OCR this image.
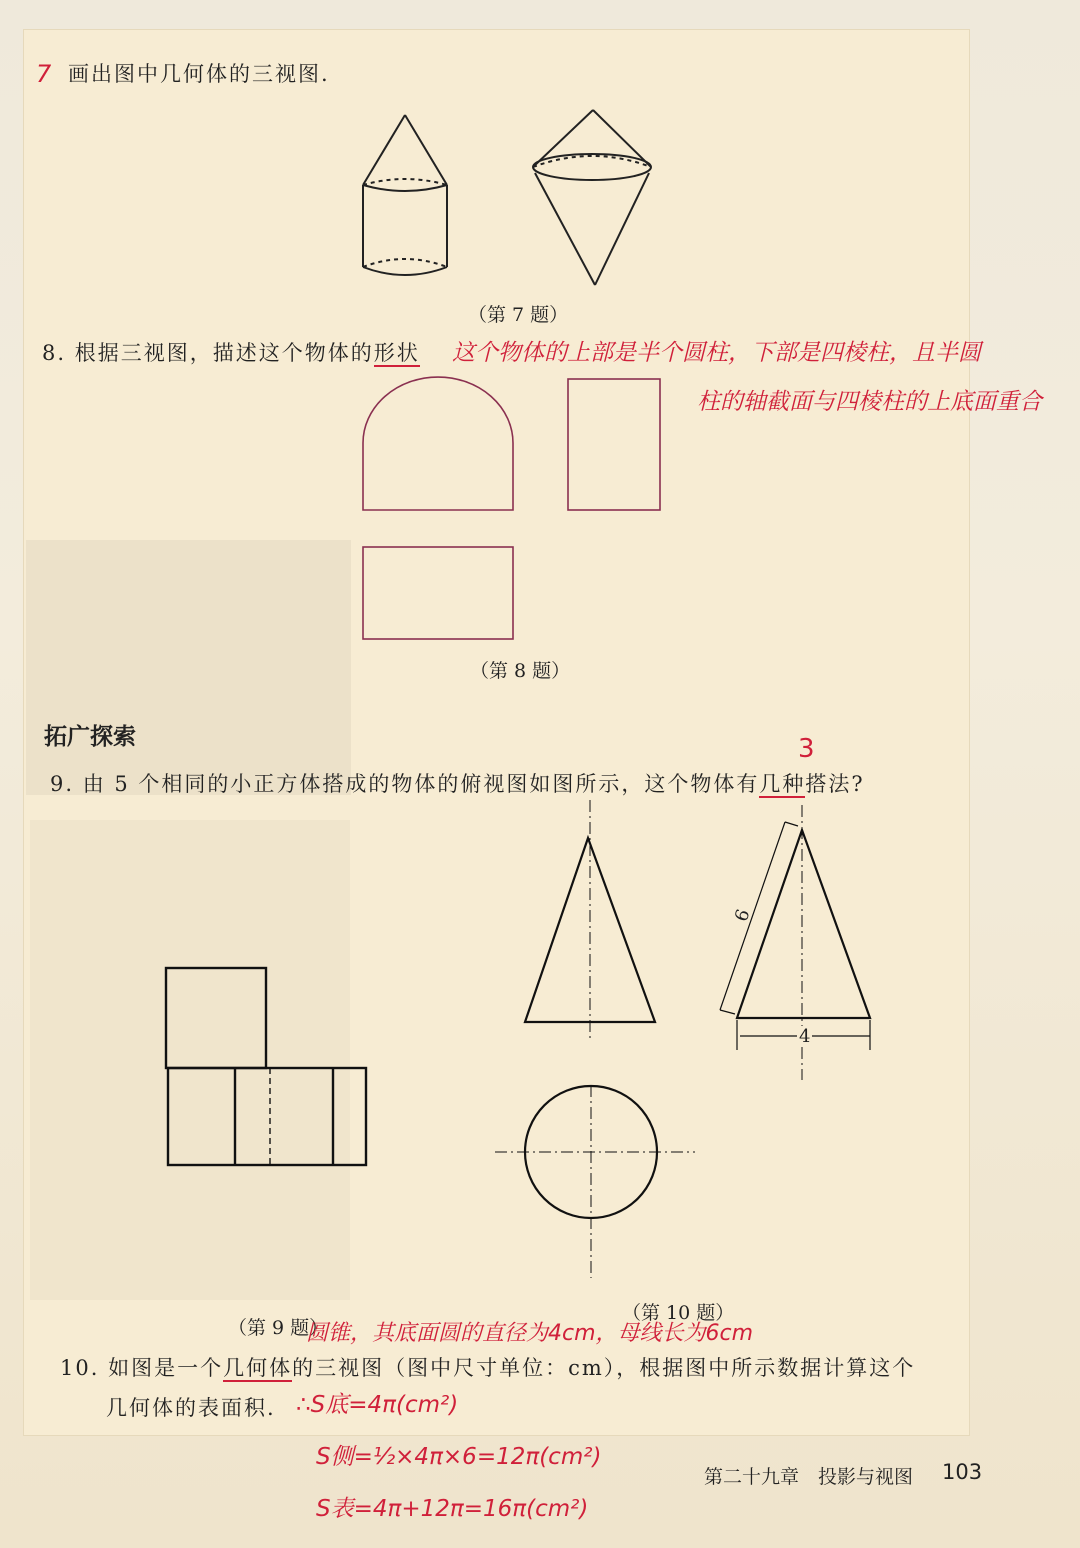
7 画出图中几何体的三视图.
（第 7 题）
8. 根据三视图，描述这个物体的形状 这个物体的上部是半个圆柱，下部是四棱柱，且半圆
柱的轴截面与四棱柱的上底面重合
（第 8 题）
拓广探索	3
9. 由 5 个相同的小正方体搭成的物体的俯视图如图所示，这个物体有几种搭法?
（第 9 题）
6
4
（第 10 题）
圆锥，其底面圆的直径为4cm，母线长为6cm
10. 如图是一个几何体的三视图（图中尺寸单位：cm），根据图中所示数据计算这个
几何体的表面积. ∴S底=4π(cm²)
S侧=½×4π×6=12π(cm²)
S表=4π+12π=16π(cm²)
第二十九章　投影与视图 103
